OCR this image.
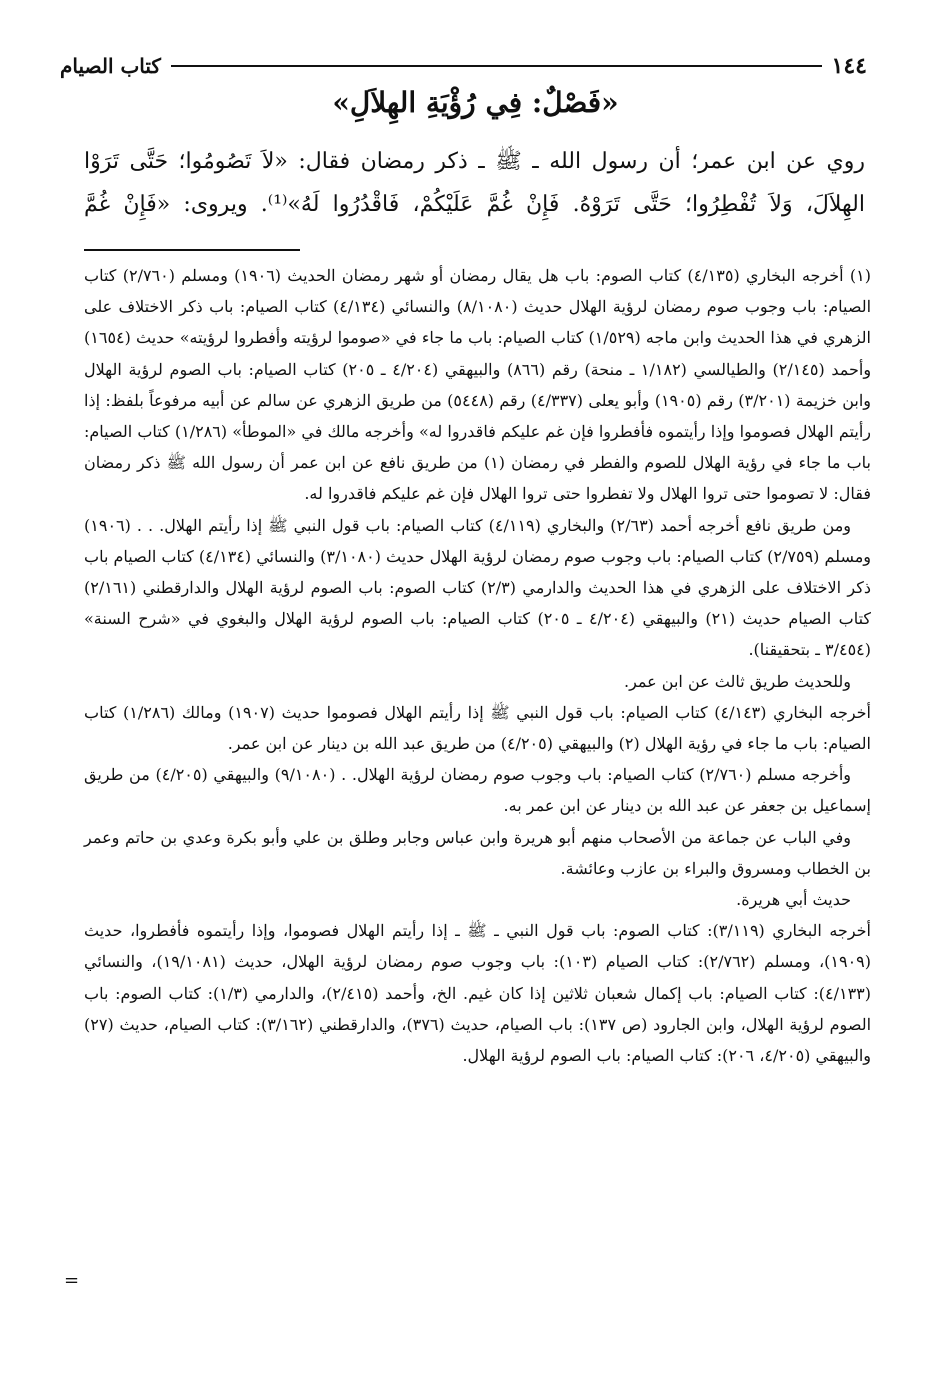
١٤٤
كتاب الصيام
«فَصْلٌ: فِي رُؤْيَةِ الهِلاَلِ»
روي عن ابن عمر؛ أن رسول الله ـ ﷺ ـ ذكر رمضان فقال: «لاَ تَصُومُوا؛ حَتَّى تَرَوْا
الهِلاَلَ، وَلاَ تُفْطِرُوا؛ حَتَّى تَرَوْهُ. فَإِنْ غُمَّ عَلَيْكُمْ، فَاقْدُرُوا لَهُ»⁽¹⁾. ويروى: «فَإِنْ غُمَّ

(١) أخرجه البخاري (٤/١٣٥) كتاب الصوم: باب هل يقال رمضان أو شهر رمضان الحديث (١٩٠٦) ومسلم (٢/٧٦٠) كتاب الصيام: باب وجوب صوم رمضان لرؤية الهلال حديث (٨/١٠٨٠) والنسائي (٤/١٣٤) كتاب الصيام: باب ذكر الاختلاف على الزهري في هذا الحديث وابن ماجه (١/٥٢٩) كتاب الصيام: باب ما جاء في «صوموا لرؤيته وأفطروا لرؤيته» حديث (١٦٥٤) وأحمد (٢/١٤٥) والطيالسي (١/١٨٢ ـ منحة) رقم (٨٦٦) والبيهقي (٤/٢٠٤ ـ ٢٠٥) كتاب الصيام: باب الصوم لرؤية الهلال وابن خزيمة (٣/٢٠١) رقم (١٩٠٥) وأبو يعلى (٤/٣٣٧) رقم (٥٤٤٨) من طريق الزهري عن سالم عن أبيه مرفوعاً بلفظ: إذا رأيتم الهلال فصوموا وإذا رأيتموه فأفطروا فإن غم عليكم فاقدروا له» وأخرجه مالك في «الموطأ» (١/٢٨٦) كتاب الصيام: باب ما جاء في رؤية الهلال للصوم والفطر في رمضان (١) من طريق نافع عن ابن عمر أن رسول الله ﷺ ذكر رمضان فقال: لا تصوموا حتى تروا الهلال ولا تفطروا حتى تروا الهلال فإن غم عليكم فاقدروا له.

ومن طريق نافع أخرجه أحمد (٢/٦٣) والبخاري (٤/١١٩) كتاب الصيام: باب قول النبي ﷺ إذا رأيتم الهلال. . . (١٩٠٦) ومسلم (٢/٧٥٩) كتاب الصيام: باب وجوب صوم رمضان لرؤية الهلال حديث (٣/١٠٨٠) والنسائي (٤/١٣٤) كتاب الصيام باب ذكر الاختلاف على الزهري في هذا الحديث والدارمي (٢/٣) كتاب الصوم: باب الصوم لرؤية الهلال والدارقطني (٢/١٦١) كتاب الصيام حديث (٢١) والبيهقي (٤/٢٠٤ ـ ٢٠٥) كتاب الصيام: باب الصوم لرؤية الهلال والبغوي في «شرح السنة» (٣/٤٥٤ ـ بتحقيقنا).

وللحديث طريق ثالث عن ابن عمر.

أخرجه البخاري (٤/١٤٣) كتاب الصيام: باب قول النبي ﷺ إذا رأيتم الهلال فصوموا حديث (١٩٠٧) ومالك (١/٢٨٦) كتاب الصيام: باب ما جاء في رؤية الهلال (٢) والبيهقي (٤/٢٠٥) من طريق عبد الله بن دينار عن ابن عمر.

وأخرجه مسلم (٢/٧٦٠) كتاب الصيام: باب وجوب صوم رمضان لرؤية الهلال. . (٩/١٠٨٠) والبيهقي (٤/٢٠٥) من طريق إسماعيل بن جعفر عن عبد الله بن دينار عن ابن عمر به.

وفي الباب عن جماعة من الأصحاب منهم أبو هريرة وابن عباس وجابر وطلق بن علي وأبو بكرة وعدي بن حاتم وعمر بن الخطاب ومسروق والبراء بن عازب وعائشة.

حديث أبي هريرة.

أخرجه البخاري (٣/١١٩): كتاب الصوم: باب قول النبي ـ ﷺ ـ إذا رأيتم الهلال فصوموا، وإذا رأيتموه فأفطروا، حديث (١٩٠٩)، ومسلم (٢/٧٦٢): كتاب الصيام (١٠٣): باب وجوب صوم رمضان لرؤية الهلال، حديث (١٩/١٠٨١)، والنسائي (٤/١٣٣): كتاب الصيام: باب إكمال شعبان ثلاثين إذا كان غيم. الخ، وأحمد (٢/٤١٥)، والدارمي (١/٣): كتاب الصوم: باب الصوم لرؤية الهلال، وابن الجارود (ص ١٣٧): باب الصيام، حديث (٣٧٦)، والدارقطني (٣/١٦٢): كتاب الصيام، حديث (٢٧) والبيهقي (٤/٢٠٥، ٢٠٦): كتاب الصيام: باب الصوم لرؤية الهلال.

=
